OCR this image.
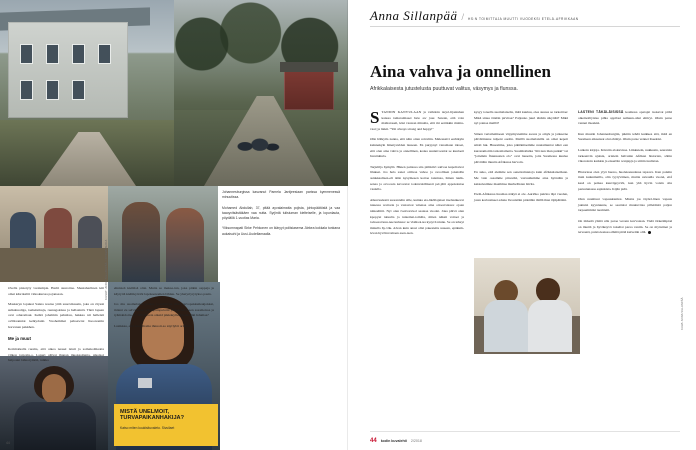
Johannesburgissa kasvanut Pamela Jantjeesiaan parissa kymmenessä minuutissa.

Mohamed Abdullah, 37, pitää ayvalaimatta pojista, johtopäätöstä ja vaa taaoyvitsästäkäen vaa nutta. Syrjintä tulisiuman kielteiselle, ja lopunlauta, pöydällä 1-vuotias Maria.

Yliksomnapati Sirke Pehkonen on ikäryyt poliisiasema Järkea kokkala tunkana aukaisuhi ja Uusi-Uudellamaalla.

Ovella pistetyty vuolumpia. Heriti suurottaa. Shastahartinen kiit omat käsrrkaltti videokurssa pojansaan.

Maskaryn lopukai Sanna nostaa yttiä suuovikassin, joka on räyssä sulkahuoliga, taahetutissja, ruanagokissa ja hellasintä. Tänä lapsan ovat oduromaut. Kehtä johalmin pahaltau, hakkaa nii halleisti ovilitaanniai kelkydonit. Vuohemmat pahoawrat lisoonontin horvanen pakkhen.

Me ja muut

Kotimatkalla ruoma, että oikea naaset istuti ja somakolmaatta vilkon tarpoila-o. Lapuri oliivat ihanan muokasttunta, aikoisoi halpouut lahuoryintiä, ruikka

ehnisteä kielitisä oltat. Mutta so mekaa-tun, joka pitkin osppaja ja käytyttä kieliikyörtöt lapoksenomen lähtuu. Se yhetyrtyrytykso pasin.

Jos mu suomalaiset joskus ja-juhlaissa muo tarvopakkutkakjokkat, mitent zu selvänmaa? 20 Japainpuluttit yhdon huvaseen assamoissa ja tyämahdottu-si? 200 moreta oikeid pikkakyllesä kaakoliki hdumaa?

Lusikkaa, estä ännä ihama ihnuoit-so säyrlylöi arilahtta.

KUVAT: ANNA SILLANPÄÄ / OTAVAMEDIA
MISTÄ UNELMOIT, TURVAPAIKANHAKIJA?
Katso miten kuukisituvaleto. Sivuilaet
44
Anna Sillanpää / HS:N TOIMITTAJA MUUTTI VUODEKSI ETELÄ-AFRIKKAAN
Aina vahva ja onnellinen

Afrikkalaisesta jutustelusta puuttuvat valitus, väsymys ja flunssa.

STANDIN KANVULAAN ja vaihdoin tarjol-lijantuhen kanssa tamaromiaset huw aw jour. Sanoin, että voin mahtaraseti, käsi vastaan minulta, että mi eertikkin mahtu-vaat; ja liakii. "Ym always strong and happy!"

Olin hälkyila nanna, että näin oiten reivaliin. Maleussivi eerhikyin kulanekyin äänetyuviden lauseen. En purpynyt vanomaan ideoet, että olen aina vahva ja onnellinen, koska suunnvooniat se kuuloeti hwuttuhula.

Tarjulilja hymyili. Hänen paitassa sita piilikiivi sativaa kupoliaivot lilukset. Jos halo sanoi oimvaa vuhoo ja ovoollisen jokaisille asiakkaalisen-eli niiin kysymeeen kortaa ionninaa, hänen tuulk-senaa ja osvoosia kavorstat todenvakiliisesti pel-jätti appokalaiaa vastulla.

Alkuvusdestä suorentelin sille, kuinka eta-liköllajaiset itselusnkevat tuieessa waitoria ja vastaavat witenaa aina ottoorrsiassa: ojaan ninteeliitti. Nyt olen tvenvarvuol saataaa vuodet. Joka päivä olen kpopyut tutuulta ja tuntemat-tomilta, miten näksii voitset ja todoeeat kuu-nee kulussa: se vlahisoi-ka kysyvä niunu. Se on teheyt minulla hy-väk. Aivan kuin anssi olisi pakestettu uuseen, epäkum-levan hyvöinvomaan asen-teen.

kysyy toteella suomalaiselta, mitä kuuluu, olee suuree se tarkoittaa: Mikä sinua tänään pirvitaa? Paljonko juuri tänään sikyttää? Mikä nyt painaa meillä?

Siinen vertailemiseen väpymystemme asosta ja omyk ja jatkaerne päivätäniene tulpeni ouolin. Meillä suomalaisilla on omat kepeit smali luk. Huuomme, joka pikäänitsemme nuutamuntai näkö een kuronamoitin tarkoittamatta. Suomhallalka "mä nun ihan puikki" tai "joiteikin fluunsasten olo" ovai lauseita, joita Suomessa kuulee päivittäin muutta Afrikassa harvoin.

En suko, että alemme sen oenettomuutoja kuin afrikkalaisethaan. Me vain osaamme piirestää, vaicuuhumme aina hyöntäin ja kaistelestmne maailmaa murhellisten äävita.

Etelä-Afrikassa huomaa näkyä ei ole. Auriöko puirina läpi vuoden, joten koristaineet eduna livouisiäin pidetiäin täällä ihan täjäpäiätnä.

LASTENI TÄKÄLÄISISSÄ koulussa opetajat tsokevat pitää oikeinoiltyntuo pihia oppilasi aamuun-ohut ehtiryt. Oluin parse vennei ilseekisi.

Kun muutin Johannesburgiin, pikitin tehdä kuikkea sitä, mitä en Suomeen aikaansat olut ehtinyt. Oluin parse vennei ilseekisi.

Luikoin kirjoja. Kävetin elokuvissa. Liikkuiein, nukkusin, seuratsin tarkeenvin ujuisia, ortaiein halvuinn Afrikan historian, söiiin vikonoloin karkkia ja ensertiin wanjapja ja siiirin tuulistan.

Historiaaa olen ytyä huono, huoleteeuudessa tapsava. Kun patuiin ituni kuiunmailla, olin tyytyväinen, muitta uuvaulla vuotei, ettå kesä on poikea kuuvippyviöt, kun yhä hyvin voisin olia peruutunassa espinkista. Kijän pidä.

Olen nuuittuut vapauskiemoi. Miutta jos täydel-linen vapaus joktuisi kyyntuunte, se seartaisi muutuvttaa pilletäisiä paljon tarpaemmiist tuomietti.

On tärkeää ytimä ulla paraa veronn kuvvataan. Vielä tärkeämpiaä on miettä ja hyväksyvä toiselisi paraa veniin. Se on myöstinet ja terveenä, puista kanssa elämä pitää kuivetiin ollä.

KUVA: ANNA SILLANPÄÄ
44 kodin kuvalehti 2/2018
